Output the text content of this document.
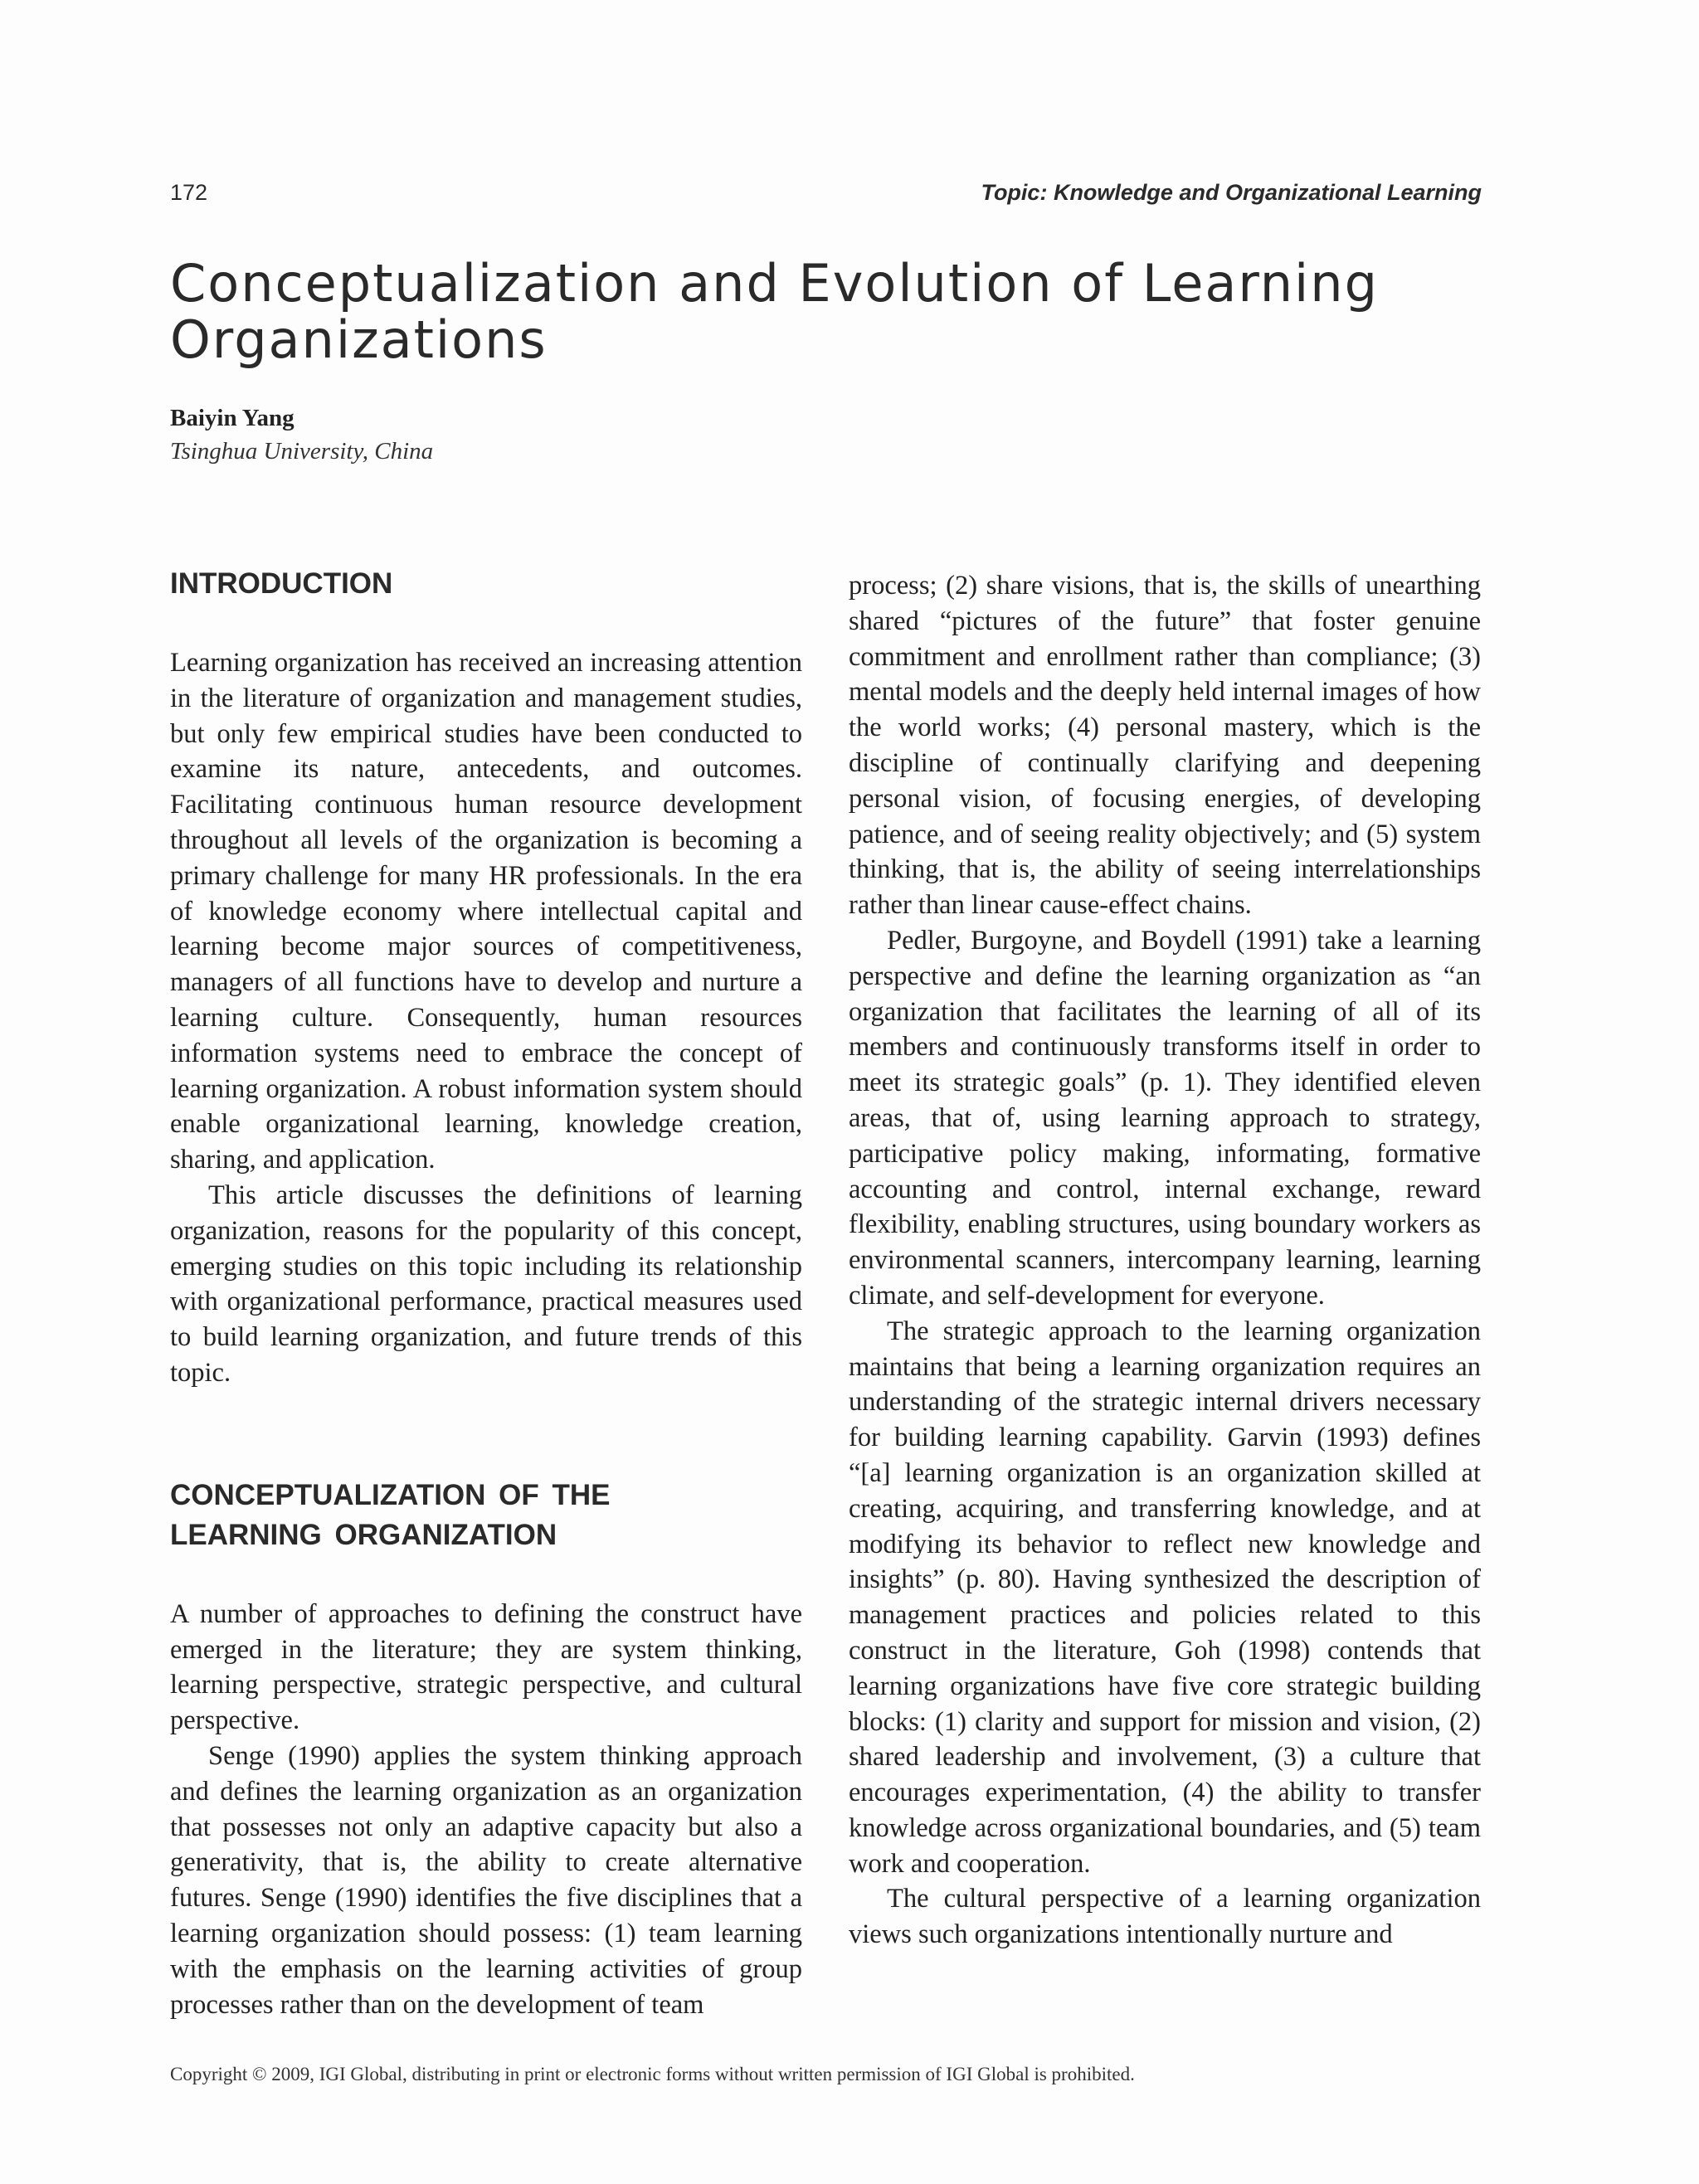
172	Topic: Knowledge and Organizational Learning
Conceptualization and Evolution of Learning Organizations
Baiyin Yang
Tsinghua University, China
INTRODUCTION

Learning organization has received an increasing attention in the literature of organization and management studies, but only few empirical studies have been conducted to examine its nature, antecedents, and outcomes. Facilitating continuous human resource development throughout all levels of the organization is becoming a primary challenge for many HR professionals. In the era of knowledge economy where intellectual capital and learning become major sources of competitiveness, managers of all functions have to develop and nurture a learning culture. Consequently, human resources information systems need to embrace the concept of learning organization. A robust information system should enable organizational learning, knowledge creation, sharing, and application.

This article discusses the definitions of learning organization, reasons for the popularity of this concept, emerging studies on this topic including its relationship with organizational performance, practical measures used to build learning organization, and future trends of this topic.

CONCEPTUALIZATION OF THE
LEARNING ORGANIZATION

A number of approaches to defining the construct have emerged in the literature; they are system thinking, learning perspective, strategic perspective, and cultural perspective.

Senge (1990) applies the system thinking approach and defines the learning organization as an organization that possesses not only an adaptive capacity but also a generativity, that is, the ability to create alternative futures. Senge (1990) identifies the five disciplines that a learning organization should possess: (1) team learning with the emphasis on the learning activities of group processes rather than on the development of team

process; (2) share visions, that is, the skills of unearthing shared “pictures of the future” that foster genuine commitment and enrollment rather than compliance; (3) mental models and the deeply held internal images of how the world works; (4) personal mastery, which is the discipline of continually clarifying and deepening personal vision, of focusing energies, of developing patience, and of seeing reality objectively; and (5) system thinking, that is, the ability of seeing interrelationships rather than linear cause-effect chains.

Pedler, Burgoyne, and Boydell (1991) take a learning perspective and define the learning organization as “an organization that facilitates the learning of all of its members and continuously transforms itself in order to meet its strategic goals” (p. 1). They identified eleven areas, that of, using learning approach to strategy, participative policy making, informating, formative accounting and control, internal exchange, reward flexibility, enabling structures, using boundary workers as environmental scanners, intercompany learning, learning climate, and self-development for everyone.

The strategic approach to the learning organization maintains that being a learning organization requires an understanding of the strategic internal drivers necessary for building learning capability. Garvin (1993) defines “[a] learning organization is an organization skilled at creating, acquiring, and transferring knowledge, and at modifying its behavior to reflect new knowledge and insights” (p. 80). Having synthesized the description of management practices and policies related to this construct in the literature, Goh (1998) contends that learning organizations have five core strategic building blocks: (1) clarity and support for mission and vision, (2) shared leadership and involvement, (3) a culture that encourages experimentation, (4) the ability to transfer knowledge across organizational boundaries, and (5) team work and cooperation.

The cultural perspective of a learning organization views such organizations intentionally nurture and

Copyright © 2009, IGI Global, distributing in print or electronic forms without written permission of IGI Global is prohibited.
